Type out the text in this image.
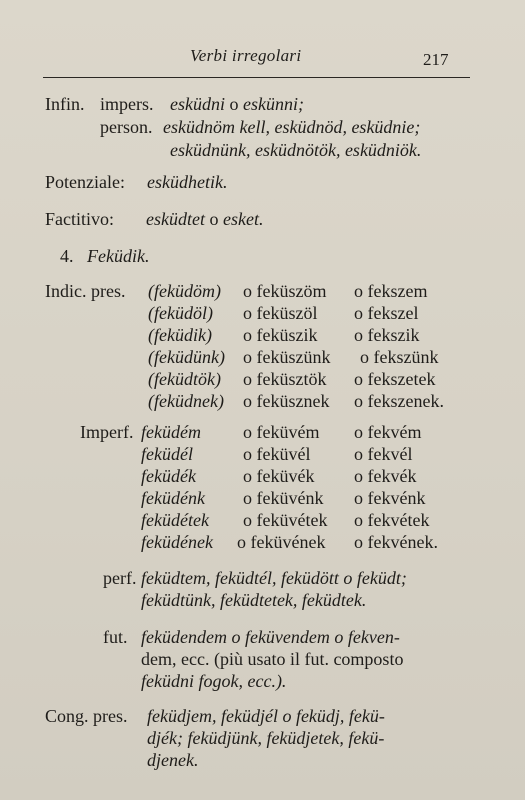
Verbi irregolari	217
Infin. impers. esküdni o eskünni;
person. esküdnöm kell, esküdnöd, esküdnie;
esküdnünk, esküdnötök, esküdniök.
Potenziale: esküdhetik.
Factitivo: esküdtet o esket.
4. Feküdik.
Indic. pres. (feküdöm)
(feküdöl)
(feküdik)
(feküdünk)
(feküdtök)
(feküdnek)
o feküszöm
o feküszöl
o feküszik
o feküszünk
o feküsztök
o feküsznek
o fekszem
o fekszel
o fekszik
o fekszünk
o fekszetek
o fekszenek.
Imperf. feküdém
feküdél
feküdék
feküdénk
feküdétek
feküdének
o feküvém
o feküvél
o feküvék
o feküvénk
o feküvétek
o feküvének
o fekvém
o fekvél
o fekvék
o fekvénk
o fekvétek
o fekvének.
perf. feküdtem, feküdtél, feküdött o feküdt;
feküdtünk, feküdtetek, feküdtek.
fut. feküdendem o feküvendem o fekven-
dem, ecc. (più usato il fut. composto
feküdni fogok, ecc.).
Cong. pres. feküdjem, feküdjél o feküdj, fekü-
djék; feküdjünk, feküdjetek, fekü-
djenek.
